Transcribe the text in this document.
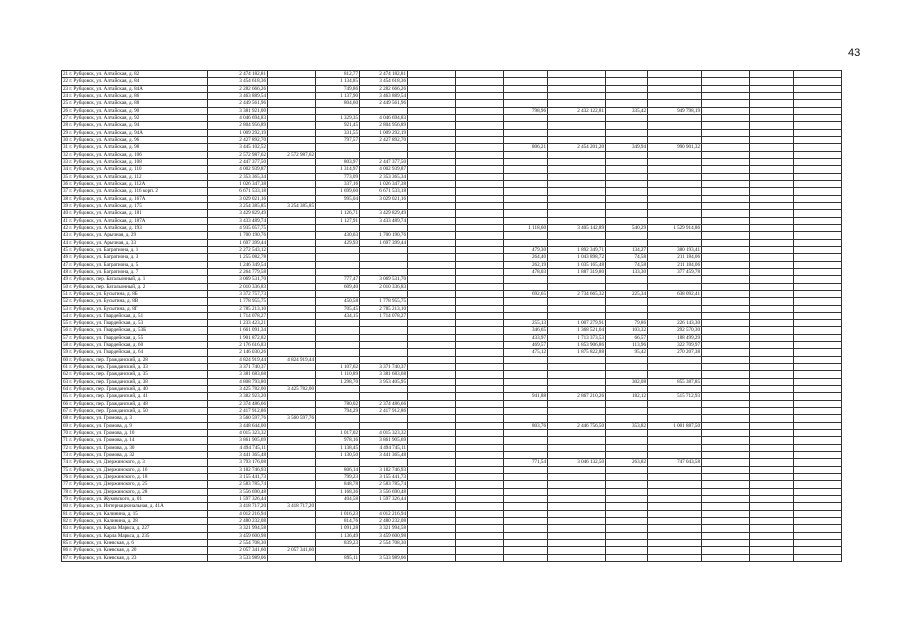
43
21 г. Рубцовск, ул. Алтайская, д. 82	2 474 182,81		812,77	2 474 182,81									
22 г. Рубцовск, ул. Алтайская, д. 84	3 454 618,36		1 134,85	3 454 618,36									
23 г. Рубцовск, ул. Алтайская, д. 84А	2 282 666,26		749,86	2 282 666,26									
24 г. Рубцовск, ул. Алтайская, д. 86	3 463 889,54		1 137,90	3 463 889,54									
25 г. Рубцовск, ул. Алтайская, д. 88	2 449 561,96		804,60	2 449 561,96									
26 г. Рубцовск, ул. Алтайская, д. 90	3 381 921,00						798,96	2 432 122,81	335,42	949 798,19			
27 г. Рубцовск, ул. Алтайская, д. 92	4 046 694,83		1 329,35	4 046 694,83									
28 г. Рубцовск, ул. Алтайская, д. 94	2 804 956,89		921,45	2 804 956,89									
29 г. Рубцовск, ул. Алтайская, д. 94А	1 009 292,19		331,55	1 009 292,19									
30 г. Рубцовск, ул. Алтайская, д. 96	2 427 892,70		797,57	2 427 892,70									
31 г. Рубцовск, ул. Алтайская, д. 98	3 445 102,52						806,21	2 454 201,20	349,94	990 901,32			
32 г. Рубцовск, ул. Алтайская, д. 106	2 572 987,62	2 572 987,62											
33 г. Рубцовск, ул. Алтайская, д. 108	2 447 377,50		803,97	2 447 377,50									
34 г. Рубцовск, ул. Алтайская, д. 110	4 002 939,87		1 314,97	4 002 939,87									
35 г. Рубцовск, ул. Алтайская, д. 112	2 353 365,34		773,09	2 353 365,34									
36 г. Рубцовск, ул. Алтайская, д. 112А	1 026 347,38		337,16	1 026 347,38									
37 г. Рубцовск, ул. Алтайская, д. 116 корп. 2	6 671 533,18		1 699,60	6 671 533,18									
38 г. Рубцовск, ул. Алтайская, д. 167А	3 029 021,16		995,04	3 029 021,16									
39 г. Рубцовск, ул. Алтайская, д. 175	3 254 385,85	3 254 385,85											
40 г. Рубцовск, ул. Алтайская, д. 181	3 429 829,49		1 126,71	3 429 829,49									
41 г. Рубцовск, ул. Алтайская, д. 187А	3 433 489,74		1 127,91	3 433 489,74									
42 г. Рубцовск, ул. Алтайская, д. 193	4 935 057,75						1 118,60	3 405 142,89	540,29	1 529 914,86			
43 г. Рубцовск, ул. Арычная, д. 29	1 700 190,76		430,63	1 700 190,76									
44 г. Рубцовск, ул. Арычная, д. 33	1 697 399,44		429,93	1 697 399,44									
45 г. Рубцовск, ул. Багратиона, д. 1	2 272 543,12						479,30	1 892 349,71	134,27	380 193,41			
46 г. Рубцовск, ул. Багратиона, д. 3	1 255 082,78						264,40	1 043 898,72	74,58	211 184,06			
47 г. Рубцовск, ул. Багратиона, д. 5	1 246 349,54						262,19	1 035 165,48	74,58	211 184,06			
48 г. Рубцовск, ул. Багратиона, д. 7	2 264 779,58						478,03	1 887 319,80	133,30	377 459,78			
49 г. Рубцовск, пер. Батальонный, д. 1	3 069 531,70		777,47	3 069 531,70									
50 г. Рубцовск, пер. Батальонный, д. 2	2 010 336,83		609,40	2 010 336,83									
51 г. Рубцовск, ул. Бусыгина, д. 8Б	3 372 757,73						692,65	2 734 665,32	225,34	638 092,41			
52 г. Рубцовск, ул. Бусыгина, д. 8В	1 778 955,75		450,58	1 778 955,75									
53 г. Рубцовск, ул. Бусыгина, д. 8Г	2 785 213,10		705,45	2 785 213,10									
54 г. Рубцовск, ул. Гвардейская, д. 51	1 714 078,27		434,15	1 714 078,27									
55 г. Рубцовск, ул. Гвардейская, д. 53	1 233 423,21						255,13	1 007 279,91	79,86	226 143,30			
56 г. Рубцовск, ул. Гвардейская, д. 53Б	1 661 091,34						346,65	1 368 521,04	103,32	292 570,30			
57 г. Рубцовск, ул. Гвардейская, д. 55	1 901 872,82						433,97	1 713 373,53	66,57	188 499,29			
58 г. Рубцовск, ул. Гвардейская, д. 60	2 176 616,83						469,57	1 853 906,86	113,96	322 709,97			
59 г. Рубцовск, ул. Гвардейская, д. 64	2 146 030,26						475,12	1 875 822,88	95,42	270 207,38			
60 г. Рубцовск, пер. Гражданский, д. 28	4 824 919,44	4 824 919,44											
61 г. Рубцовск, пер. Гражданский, д. 33	3 371 740,37		1 107,62	3 371 740,37									
62 г. Рубцовск, пер. Гражданский, д. 35	3 381 683,68		1 110,89	3 381 683,68									
63 г. Рубцовск, пер. Гражданский, д. 38	4 808 793,80		1 298,70	3 953 405,95					302,08	855 387,85			
64 г. Рубцовск, пер. Гражданский, д. 40	3 425 782,00	3 425 782,00											
65 г. Рубцовск, пер. Гражданский, д. 41	3 382 923,20						941,88	2 867 210,26	182,12	515 712,93			
66 г. Рубцовск, пер. Гражданский, д. 48	2 374 486,66		780,02	2 374 486,66									
67 г. Рубцовск, пер. Гражданский, д. 50	2 417 912,86		794,29	2 417 912,86									
68 г. Рубцовск, ул. Громова, д. 3	3 560 597,76	3 560 597,76											
69 г. Рубцовск, ул. Громова, д. 9	3 448 644,00						803,76	2 446 756,50	353,82	1 001 887,50			
70 г. Рубцовск, ул. Громова, д. 10	4 015 323,32		1 017,02	4 015 323,32									
71 г. Рубцовск, ул. Громова, д. 14	3 861 905,69		978,16	3 861 905,69									
72 г. Рубцовск, ул. Громова, д. 30	4 494 745,11		1 138,45	4 494 745,11									
73 г. Рубцовск, ул. Громова, д. 32	3 441 365,48		1 130,50	3 441 365,48									
74 г. Рубцовск, ул. Дзержинского, д. 3	3 793 176,08						771,54	3 046 132,50	263,82	747 043,58			
75 г. Рубцовск, ул. Дзержинского, д. 16	3 182 746,93		806,14	3 182 746,93									
76 г. Рубцовск, ул. Дзержинского, д. 18	3 155 441,73		799,23	3 155 441,73									
77 г. Рубцовск, ул. Дзержинского, д. 25	2 583 785,74		848,78	2 583 785,74									
78 г. Рубцовск, ул. Дзержинского, д. 28	3 556 690,48		1 168,36	3 556 690,48									
79 г. Рубцовск, ул. Жуковского, д. 01	1 597 326,44		404,58	1 597 326,44									
80 г. Рубцовск, ул. Интернациональная, д. 41А	3 418 717,20	3 418 717,20											
81 г. Рубцовск, ул. Калинина, д. 15	4 012 216,94		1 016,23	4 012 216,94									
82 г. Рубцовск, ул. Калинина, д. 28	2 480 232,08		814,76	2 480 232,08									
83 г. Рубцовск, ул. Карла Маркса, д. 227	3 321 994,58		1 091,28	3 321 994,58									
84 г. Рубцовск, ул. Карла Маркса, д. 235	3 459 600,98		1 136,49	3 459 600,98									
85 г. Рубцовск, ул. Киевская, д. 6	2 554 708,30		839,23	2 554 708,30									
86 г. Рубцовск, ул. Киевская, д. 20	2 057 341,60	2 057 341,60											
87 г. Рубцовск, ул. Киевская, д. 23	3 533 989,06		895,11	3 533 989,06									
